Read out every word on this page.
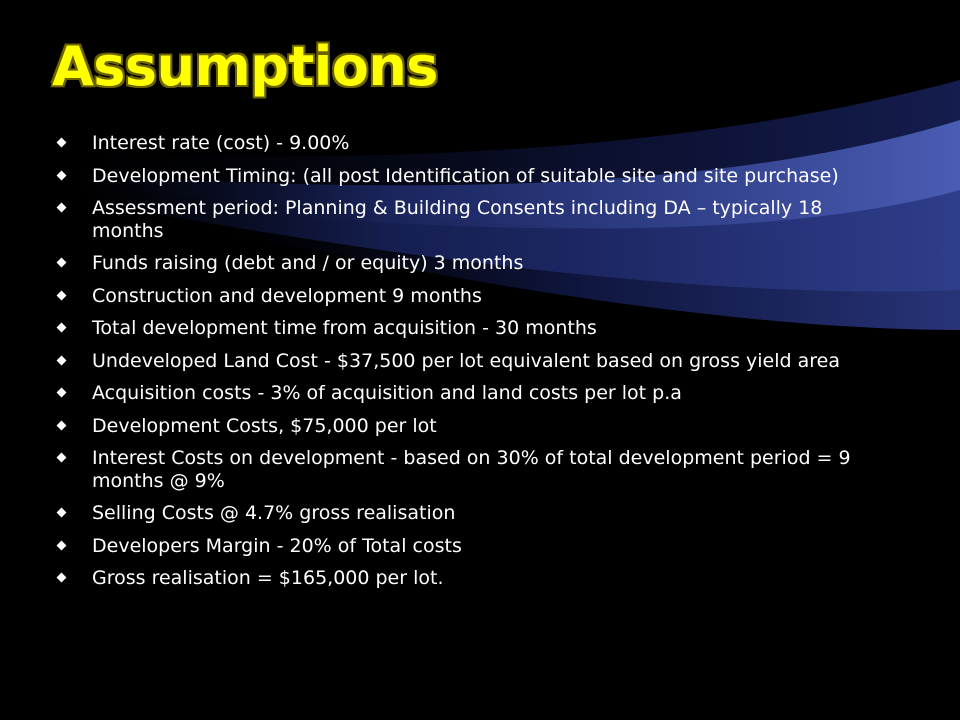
Assumptions
Interest rate (cost) - 9.00%
Development Timing: (all post Identification of suitable site and site purchase)
Assessment period: Planning & Building Consents including DA – typically 18 months
Funds raising (debt and / or equity) 3 months
Construction and development 9 months
Total development time from acquisition - 30 months
Undeveloped Land Cost - $37,500 per lot equivalent based on gross yield area
Acquisition costs - 3% of acquisition and land costs per lot p.a
Development Costs, $75,000 per lot
Interest Costs on development - based on 30% of total development period = 9 months @ 9%
Selling Costs @ 4.7% gross realisation
Developers Margin - 20% of Total costs
Gross realisation = $165,000 per lot.
